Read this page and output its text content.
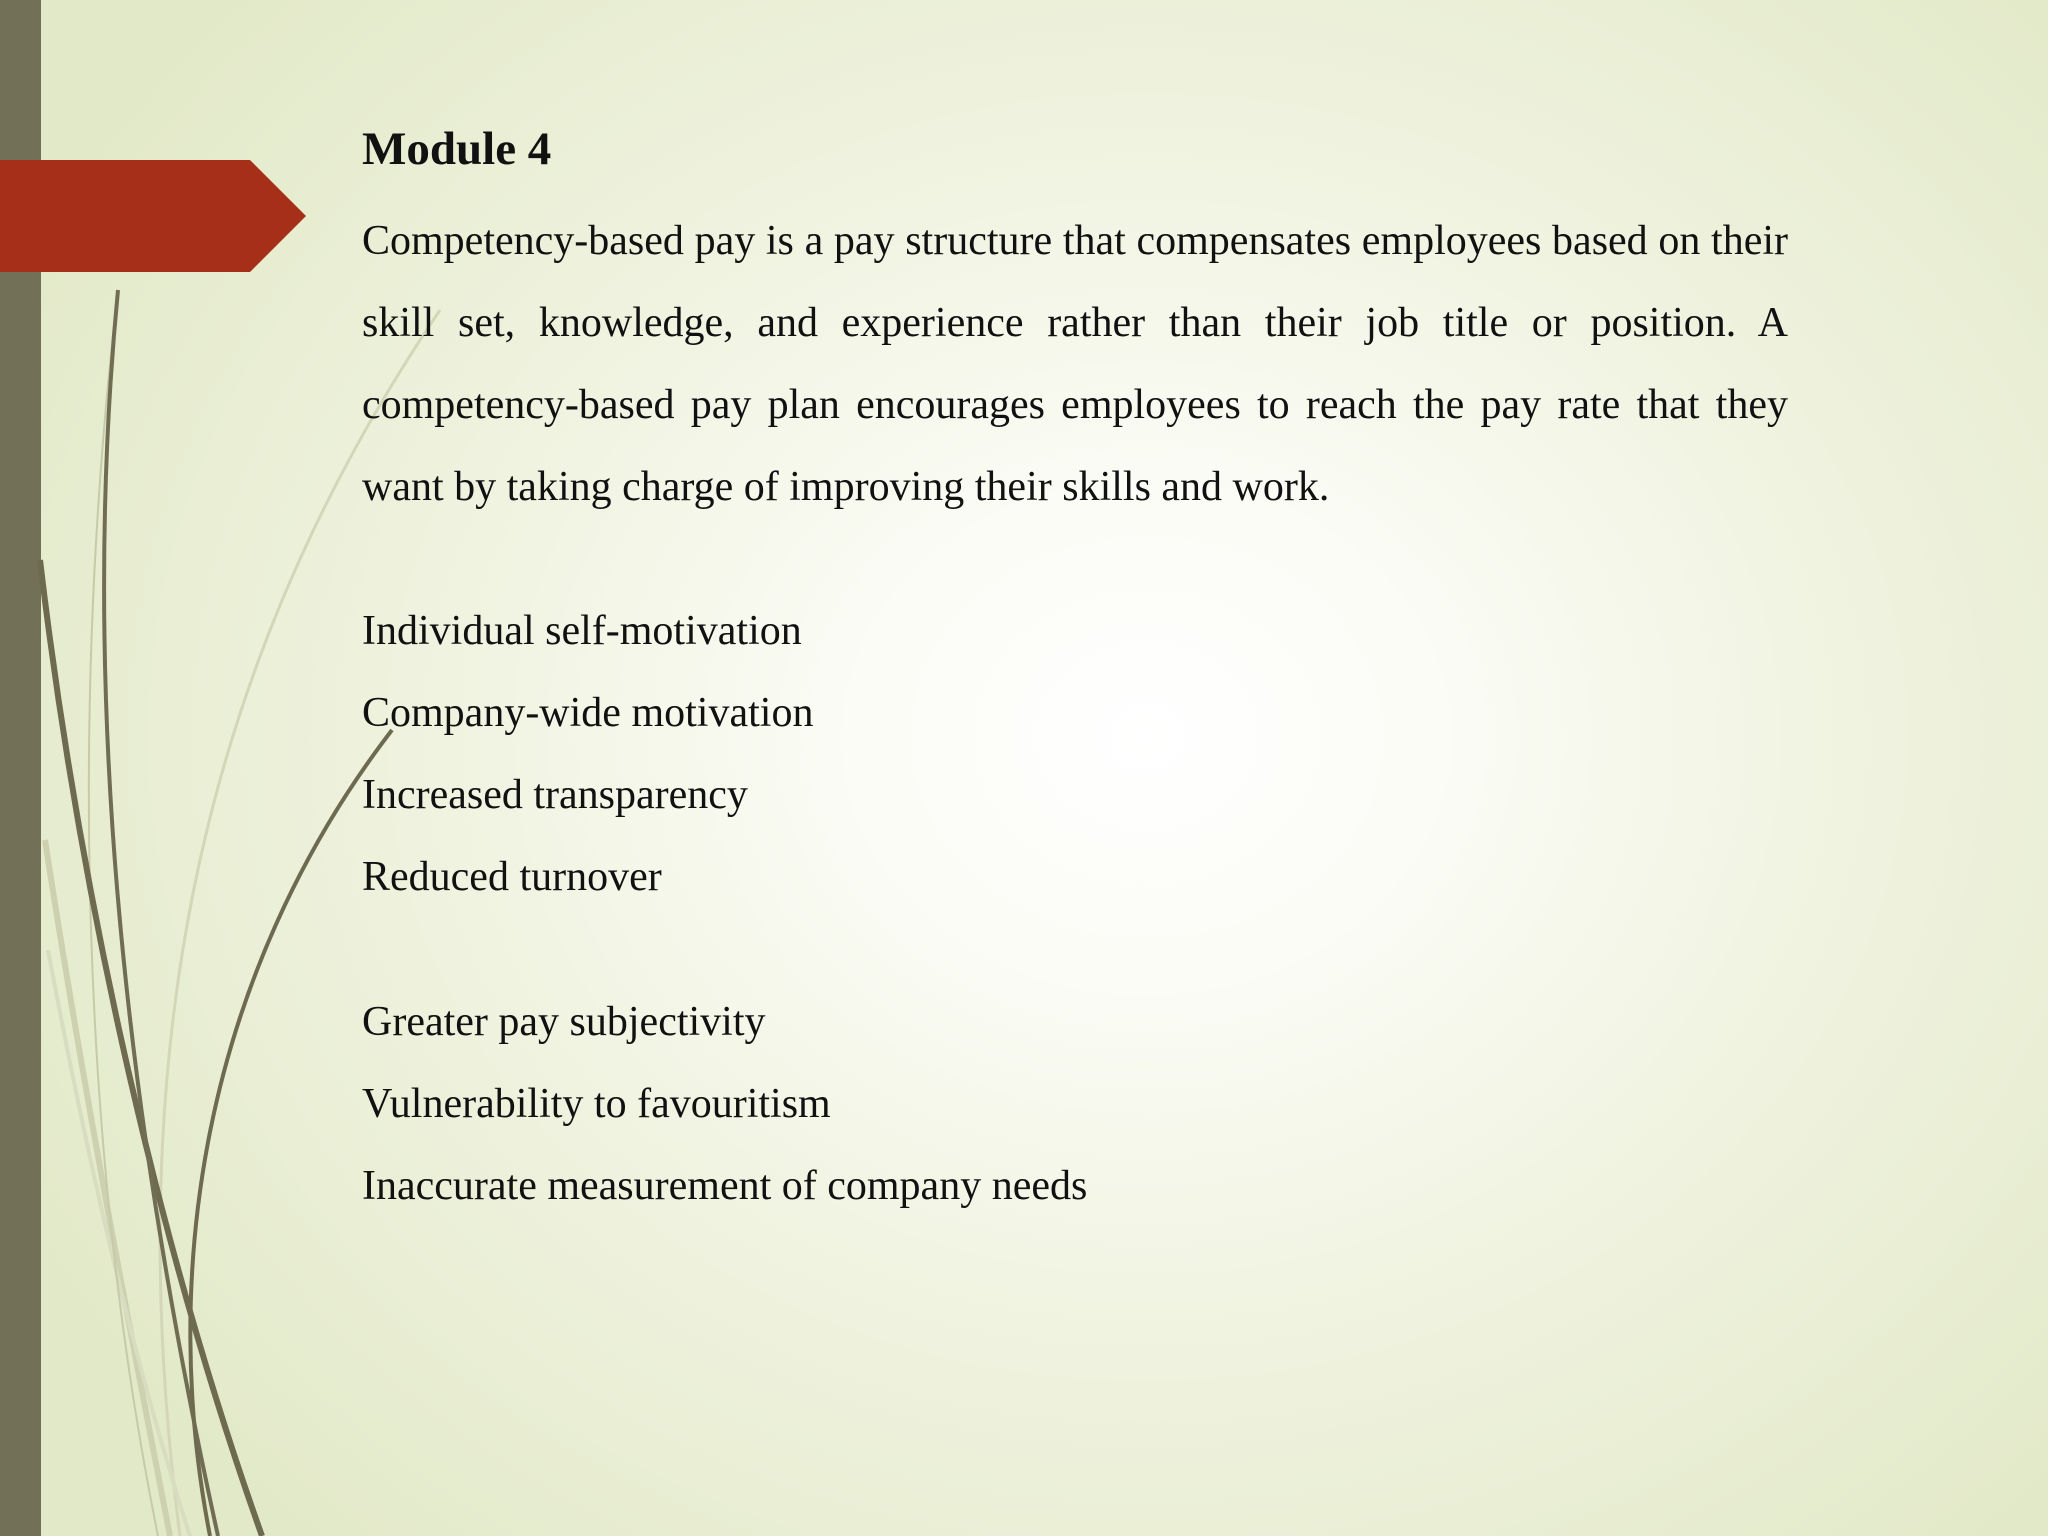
Module 4

Competency-based pay is a pay structure that compensates employees based on their skill set, knowledge, and experience rather than their job title or position. A competency-based pay plan encourages employees to reach the pay rate that they want by taking charge of improving their skills and work.

Individual self-motivation
Company-wide motivation
Increased transparency
Reduced turnover
Greater pay subjectivity
Vulnerability to favouritism
Inaccurate measurement of company needs
